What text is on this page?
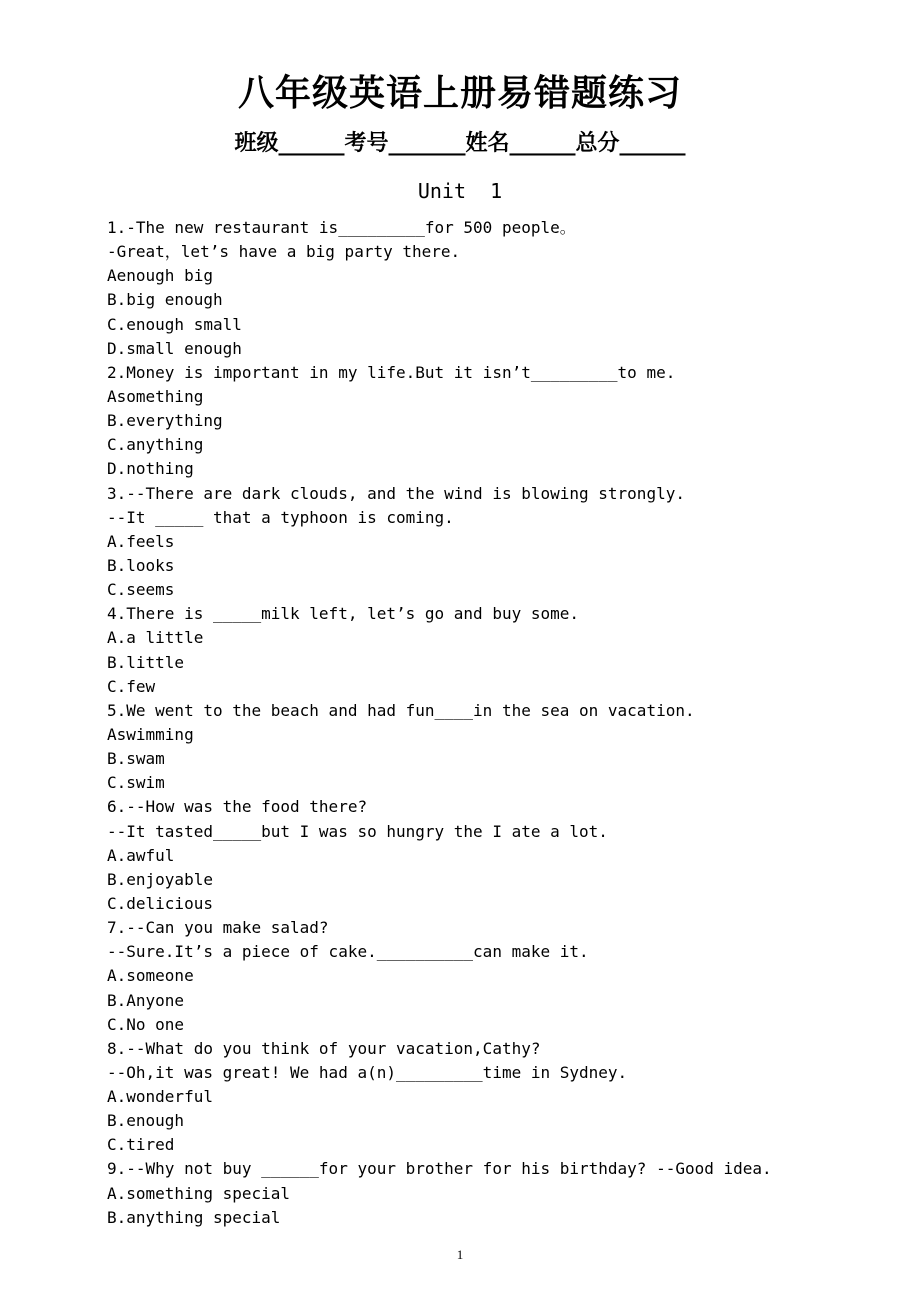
八年级英语上册易错题练习
班级______考号_______姓名______总分______
Unit  1
1.-The new restaurant is_________for 500 people。
-Great，let’s have a big party there.
Aenough big
B.big enough
C.enough small
D.small enough
2.Money is important in my life.But it isn’t_________to me.
Asomething
B.everything
C.anything
D.nothing
3.--There are dark clouds, and the wind is blowing strongly.
--It _____ that a typhoon is coming.
A.feels
B.looks
C.seems
4.There is _____milk left, let’s go and buy some.
A.a little
B.little
C.few
5.We went to the beach and had fun____in the sea on vacation.
Aswimming
B.swam
C.swim
6.--How was the food there?
--It tasted_____but I was so hungry the I ate a lot.
A.awful
B.enjoyable
C.delicious
7.--Can you make salad?
--Sure.It’s a piece of cake.__________can make it.
A.someone
B.Anyone
C.No one
8.--What do you think of your vacation,Cathy?
--Oh,it was great! We had a(n)_________time in Sydney.
A.wonderful
B.enough
C.tired
9.--Why not buy ______for your brother for his birthday? --Good idea.
A.something special
B.anything special
1
